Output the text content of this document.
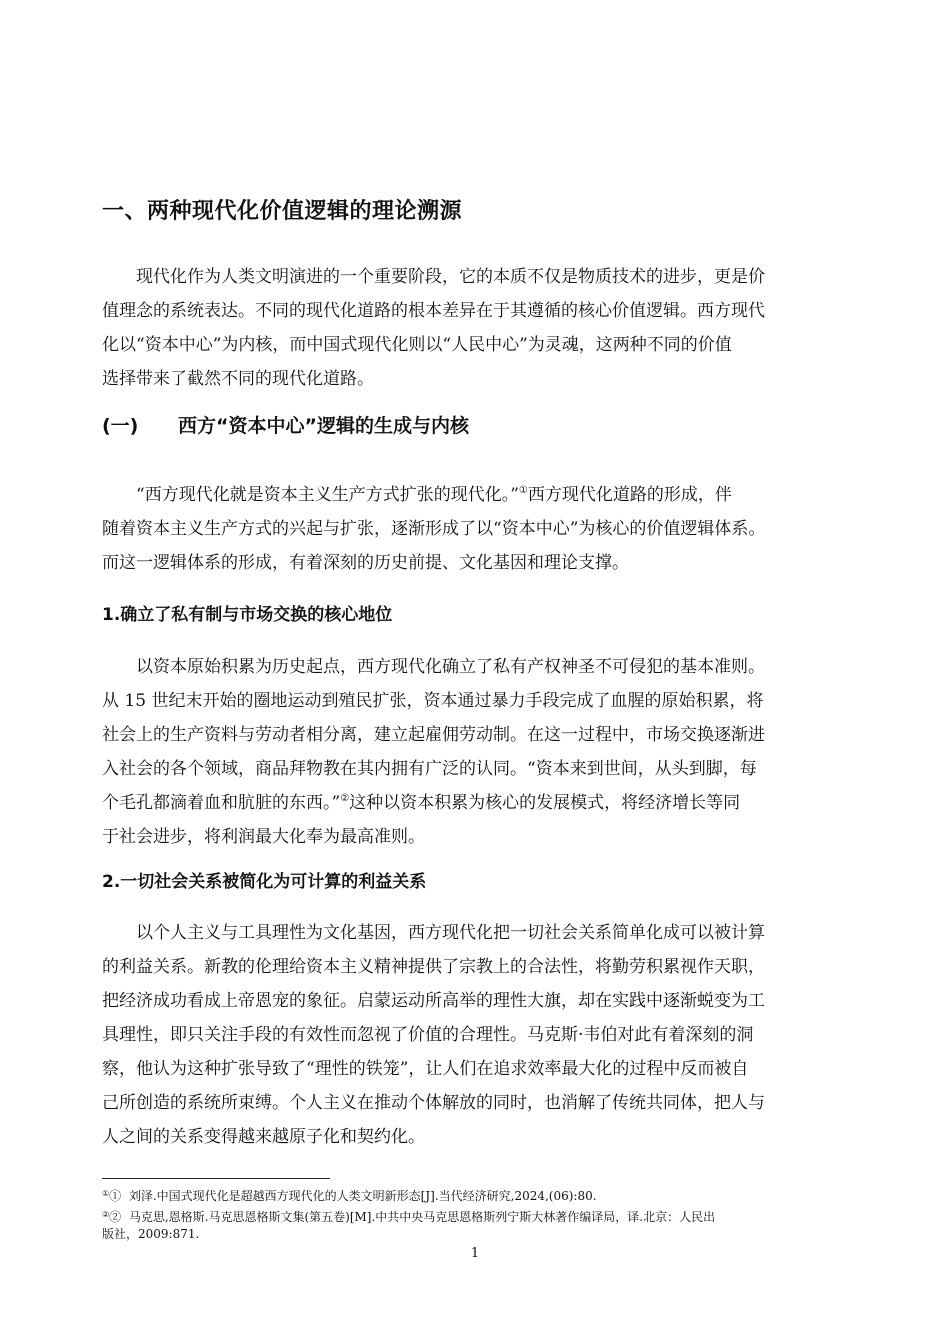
一、两种现代化价值逻辑的理论溯源
现代化作为人类文明演进的一个重要阶段，它的本质不仅是物质技术的进步，更是价
值理念的系统表达。不同的现代化道路的根本差异在于其遵循的核心价值逻辑。西方现代
化以“资本中心”为内核，而中国式现代化则以“人民中心”为灵魂，这两种不同的价值
选择带来了截然不同的现代化道路。
(一) 西方“资本中心”逻辑的生成与内核
“西方现代化就是资本主义生产方式扩张的现代化。”①西方现代化道路的形成，伴
随着资本主义生产方式的兴起与扩张，逐渐形成了以“资本中心”为核心的价值逻辑体系。
而这一逻辑体系的形成，有着深刻的历史前提、文化基因和理论支撑。
1.确立了私有制与市场交换的核心地位
以资本原始积累为历史起点，西方现代化确立了私有产权神圣不可侵犯的基本准则。
从 15 世纪末开始的圈地运动到殖民扩张，资本通过暴力手段完成了血腥的原始积累，将
社会上的生产资料与劳动者相分离，建立起雇佣劳动制。在这一过程中，市场交换逐渐进
入社会的各个领域，商品拜物教在其内拥有广泛的认同。“资本来到世间，从头到脚，每
个毛孔都滴着血和肮脏的东西。”②这种以资本积累为核心的发展模式，将经济增长等同
于社会进步，将利润最大化奉为最高准则。
2.一切社会关系被简化为可计算的利益关系
以个人主义与工具理性为文化基因，西方现代化把一切社会关系简单化成可以被计算
的利益关系。新教的伦理给资本主义精神提供了宗教上的合法性，将勤劳积累视作天职，
把经济成功看成上帝恩宠的象征。启蒙运动所高举的理性大旗，却在实践中逐渐蜕变为工
具理性，即只关注手段的有效性而忽视了价值的合理性。马克斯·韦伯对此有着深刻的洞
察，他认为这种扩张导致了“理性的铁笼”，让人们在追求效率最大化的过程中反而被自
己所创造的系统所束缚。个人主义在推动个体解放的同时，也消解了传统共同体，把人与
人之间的关系变得越来越原子化和契约化。
①① 刘泽.中国式现代化是超越西方现代化的人类文明新形态[J].当代经济研究,2024,(06):80.
②② 马克思,恩格斯.马克思恩格斯文集(第五卷)[M].中共中央马克思恩格斯列宁斯大林著作编译局，译.北京：人民出
版社，2009:871.
1
